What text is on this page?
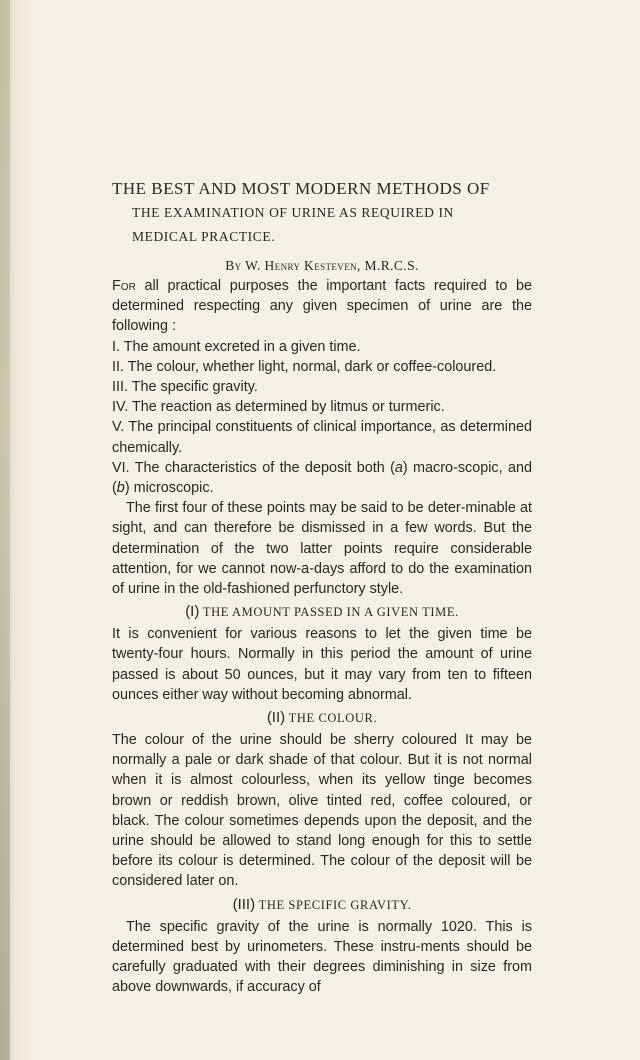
THE BEST AND MOST MODERN METHODS OF
THE EXAMINATION OF URINE AS REQUIRED IN
MEDICAL PRACTICE.
By W. Henry Kesteven, M.R.C.S.

For all practical purposes the important facts required to be determined respecting any given specimen of urine are the following :

I. The amount excreted in a given time.

II. The colour, whether light, normal, dark or coffee-coloured.

III. The specific gravity.

IV. The reaction as determined by litmus or turmeric.

V. The principal constituents of clinical importance, as determined chemically.

VI. The characteristics of the deposit both (a) macro-scopic, and (b) microscopic.

The first four of these points may be said to be deter-minable at sight, and can therefore be dismissed in a few words. But the determination of the two latter points require considerable attention, for we cannot now-a-days afford to do the examination of urine in the old-fashioned perfunctory style.

(I) THE AMOUNT PASSED IN A GIVEN TIME.

It is convenient for various reasons to let the given time be twenty-four hours. Normally in this period the amount of urine passed is about 50 ounces, but it may vary from ten to fifteen ounces either way without becoming abnormal.

(II) THE COLOUR.

The colour of the urine should be sherry coloured It may be normally a pale or dark shade of that colour. But it is not normal when it is almost colourless, when its yellow tinge becomes brown or reddish brown, olive tinted red, coffee coloured, or black. The colour sometimes depends upon the deposit, and the urine should be allowed to stand long enough for this to settle before its colour is determined. The colour of the deposit will be considered later on.

(III) THE SPECIFIC GRAVITY.

The specific gravity of the urine is normally 1020. This is determined best by urinometers. These instru-ments should be carefully graduated with their degrees diminishing in size from above downwards, if accuracy of
